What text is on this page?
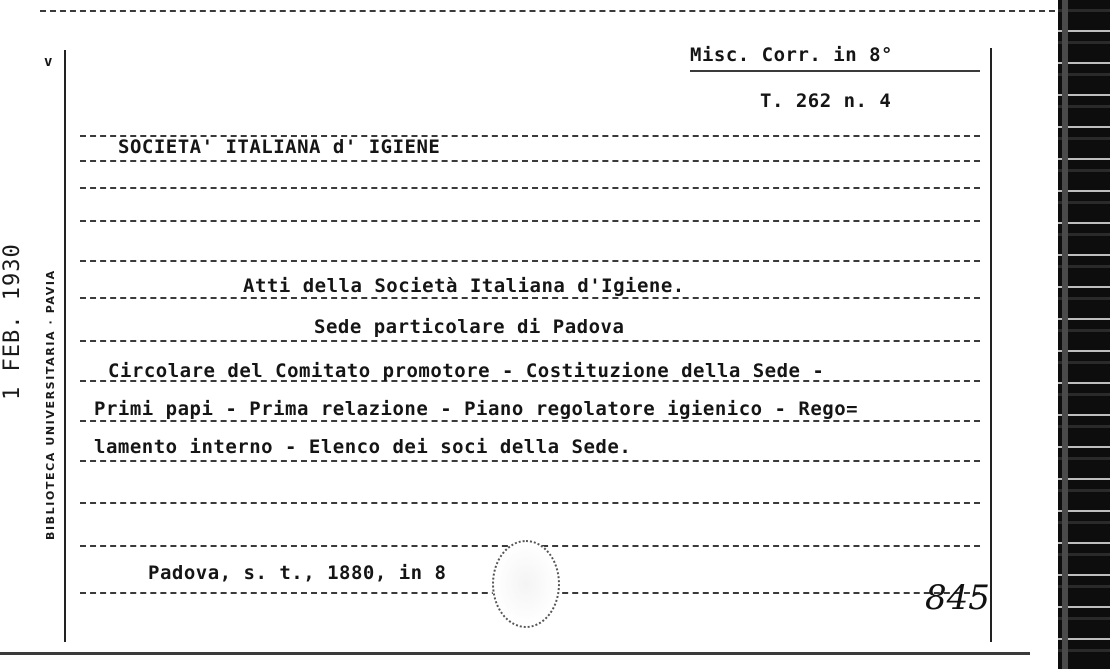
Misc. Corr. in 8°
T. 262 n. 4
SOCIETA' ITALIANA d' IGIENE
Atti della Società Italiana d'Igiene.
Sede particolare di Padova
Circolare del Comitato promotore - Costituzione della Sede -
Primi papi - Prima relazione - Piano regolatore igienico - Rego=
lamento interno - Elenco dei soci della Sede.
Padova, s. t., 1880, in 8
845
BIBLIOTECA UNIVERSITARIA · PAVIA
1 FEB. 1930
v
